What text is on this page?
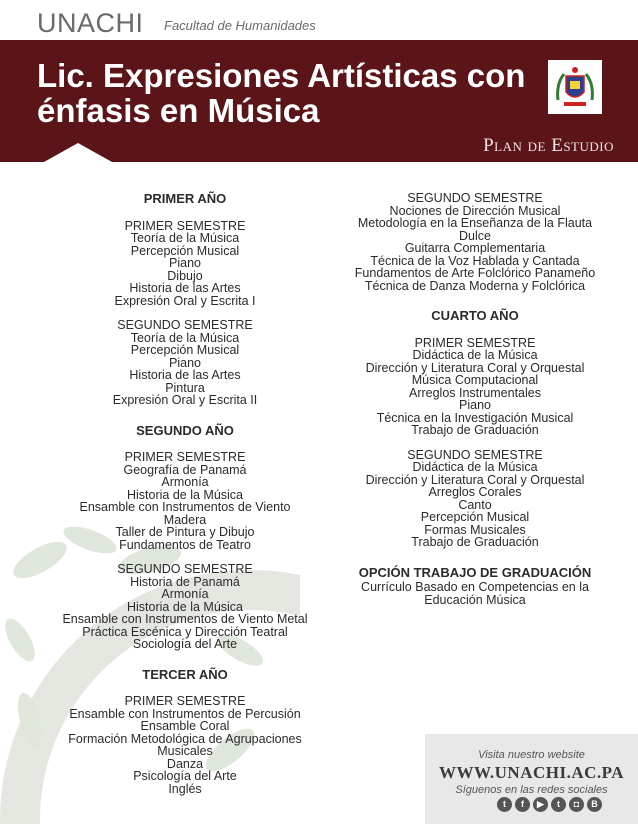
UNACHI Facultad de Humanidades
Lic. Expresiones Artísticas con
énfasis en Música
Plan de Estudio
PRIMER AÑO
PRIMER SEMESTRE
Teoría de la Música
Percepción Musical
Piano
Dibujo
Historia de las Artes
Expresión Oral y Escrita I
SEGUNDO SEMESTRE
Teoría de la Música
Percepción Musical
Piano
Historia de las Artes
Pintura
Expresión Oral y Escrita II
SEGUNDO AÑO
PRIMER SEMESTRE
Geografía de Panamá
Armonía
Historia de la Música
Ensamble con Instrumentos de Viento
Madera
Taller de Pintura y Dibujo
Fundamentos de Teatro
SEGUNDO SEMESTRE
Historia de Panamá
Armonía
Historia de la Música
Ensamble con Instrumentos de Viento Metal
Práctica Escénica y Dirección Teatral
Sociología del Arte
TERCER AÑO
PRIMER SEMESTRE
Ensamble con Instrumentos de Percusión
Ensamble Coral
Formación Metodológica de Agrupaciones
Musicales
Danza
Psicología del Arte
Inglés
SEGUNDO SEMESTRE
Nociones de Dirección Musical
Metodología en la Enseñanza de la Flauta
Dulce
Guitarra Complementaria
Técnica de la Voz Hablada y Cantada
Fundamentos de Arte Folclórico Panameño
Técnica de Danza Moderna y Folclórica
CUARTO AÑO
PRIMER SEMESTRE
Didáctica de la Música
Dirección y Literatura Coral y Orquestal
Música Computacional
Arreglos Instrumentales
Piano
Técnica en la Investigación Musical
Trabajo de Graduación
SEGUNDO SEMESTRE
Didáctica de la Música
Dirección y Literatura Coral y Orquestal
Arreglos Corales
Canto
Percepción Musical
Formas Musicales
Trabajo de Graduación
OPCIÓN TRABAJO DE GRADUACIÓN
Currículo Basado en Competencias en la
Educación Música
Visita nuestro website
WWW.UNACHI.AC.PA
Síguenos en las redes sociales
t	f	▶	t	◘	B
